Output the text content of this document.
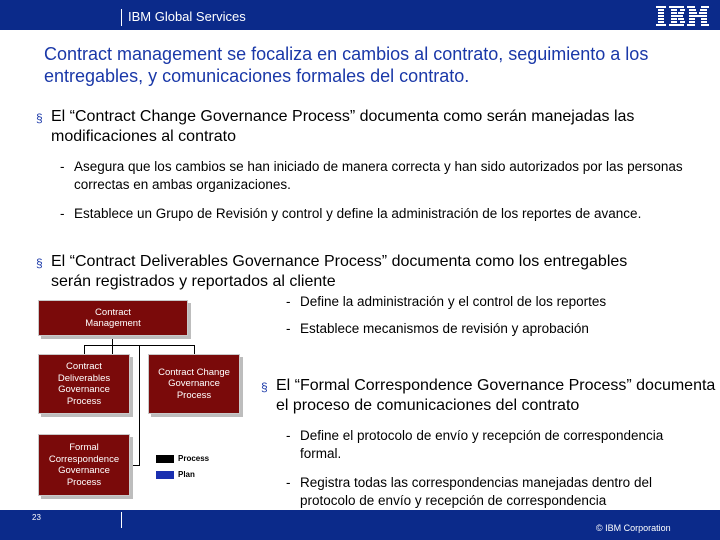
IBM Global Services
Contract management se focaliza en cambios al contrato, seguimiento a los entregables, y comunicaciones formales del contrato.
§ El “Contract Change Governance Process” documenta como serán manejadas las modificaciones al contrato
- Asegura que los cambios se han iniciado de manera correcta y han sido autorizados por las personas correctas en ambas organizaciones.
- Establece un Grupo de Revisión y control y define la administración de los reportes de avance.
§ El “Contract Deliverables Governance Process” documenta como los entregables serán registrados y reportados al cliente
- Define la administración y el control de los reportes
- Establece mecanismos de revisión y aprobación
§ El “Formal Correspondence Governance Process” documenta el proceso de comunicaciones del contrato
- Define el protocolo de envío y recepción de correspondencia formal.
- Registra todas las correspondencias manejadas dentro del protocolo de envío y recepción de correspondencia
Contract Management
Contract Deliverables Governance Process
Contract Change Governance Process
Formal Correspondence Governance Process
Process
Plan
23
© IBM Corporation
